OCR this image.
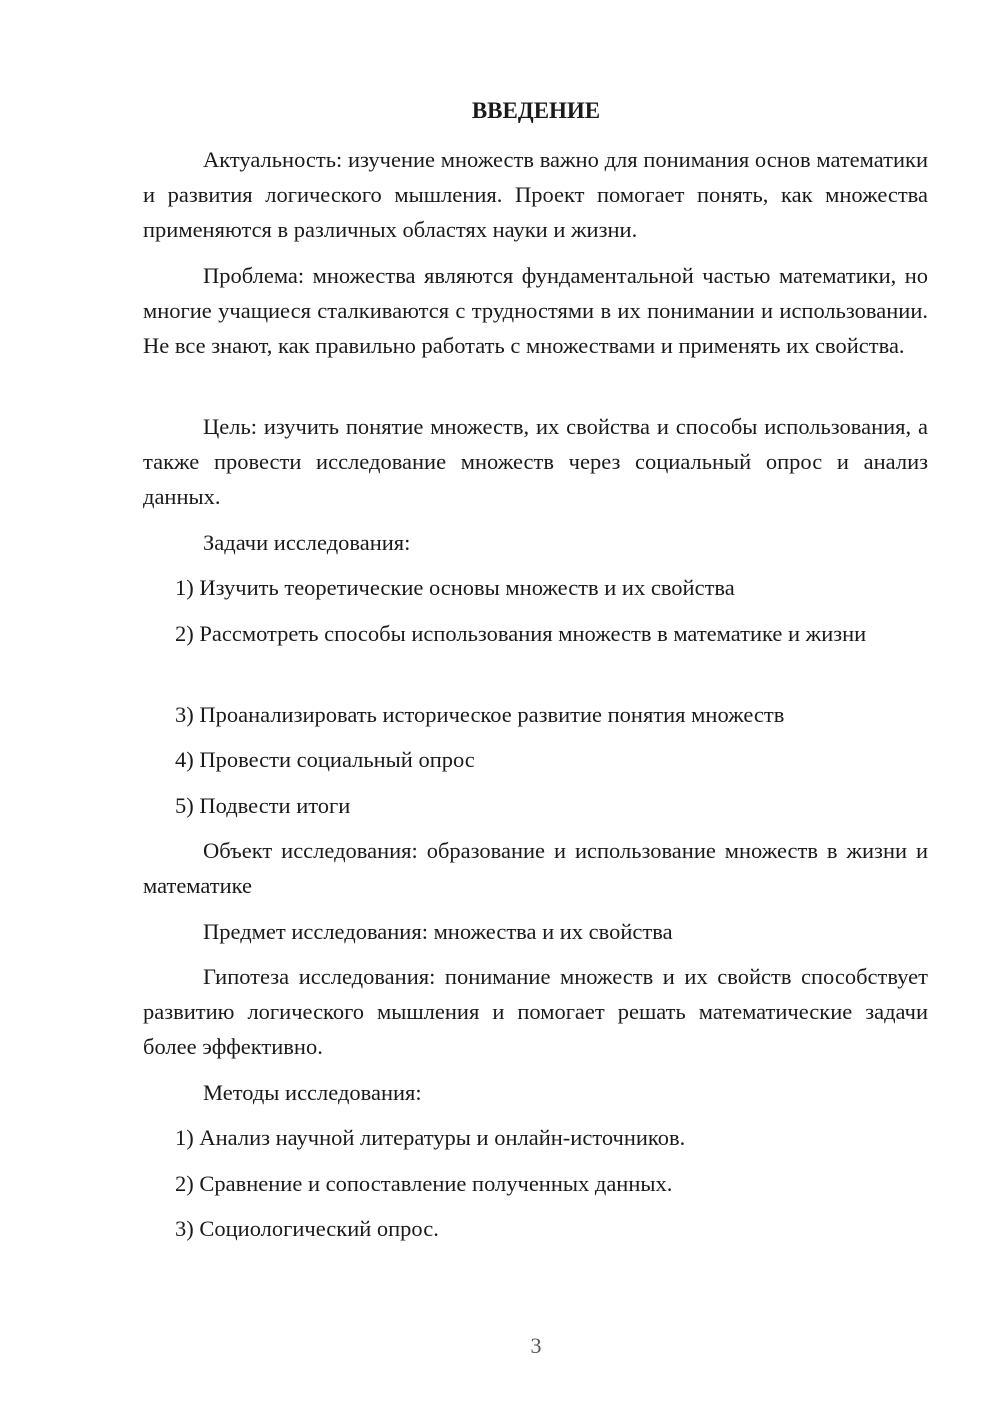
ВВЕДЕНИЕ

Актуальность: изучение множеств важно для понимания основ математики и развития логического мышления. Проект помогает понять, как множества применяются в различных областях науки и жизни.

Проблема: множества являются фундаментальной частью математики, но многие учащиеся сталкиваются с трудностями в их понимании и использовании. Не все знают, как правильно работать с множествами и применять их свойства.

Цель: изучить понятие множеств, их свойства и способы использования, а также провести исследование множеств через социальный опрос и анализ данных.

Задачи исследования:

1) Изучить теоретические основы множеств и их свойства

2) Рассмотреть способы использования множеств в математике и жизни

3) Проанализировать историческое развитие понятия множеств

4) Провести социальный опрос

5) Подвести итоги

Объект исследования: образование и использование множеств в жизни и математике

Предмет исследования: множества и их свойства

Гипотеза исследования: понимание множеств и их свойств способствует развитию логического мышления и помогает решать математические задачи более эффективно.

Методы исследования:

1) Анализ научной литературы и онлайн-источников.

2) Сравнение и сопоставление полученных данных.

3) Социологический опрос.

3
